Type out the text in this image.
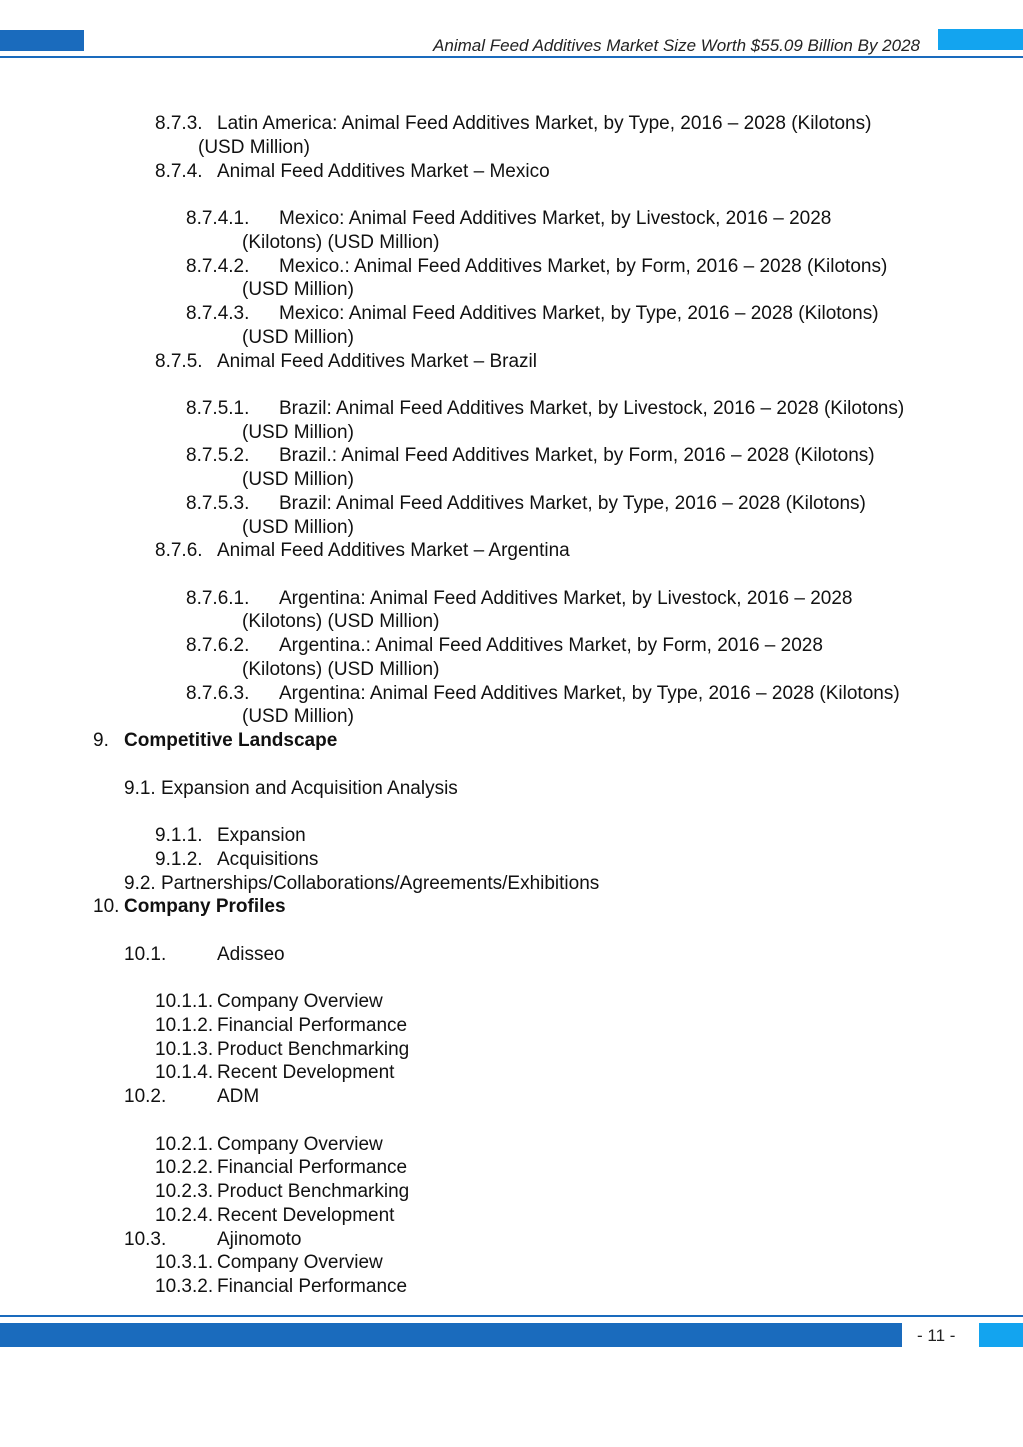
Animal Feed Additives Market Size Worth $55.09 Billion By 2028
8.7.3. Latin America: Animal Feed Additives Market, by Type, 2016 – 2028 (Kilotons)
(USD Million)
8.7.4. Animal Feed Additives Market – Mexico
8.7.4.1. Mexico: Animal Feed Additives Market, by Livestock, 2016 – 2028
(Kilotons) (USD Million)
8.7.4.2. Mexico.: Animal Feed Additives Market, by Form, 2016 – 2028 (Kilotons)
(USD Million)
8.7.4.3. Mexico: Animal Feed Additives Market, by Type, 2016 – 2028 (Kilotons)
(USD Million)
8.7.5. Animal Feed Additives Market – Brazil
8.7.5.1. Brazil: Animal Feed Additives Market, by Livestock, 2016 – 2028 (Kilotons)
(USD Million)
8.7.5.2. Brazil.: Animal Feed Additives Market, by Form, 2016 – 2028 (Kilotons)
(USD Million)
8.7.5.3. Brazil: Animal Feed Additives Market, by Type, 2016 – 2028 (Kilotons)
(USD Million)
8.7.6. Animal Feed Additives Market – Argentina
8.7.6.1. Argentina: Animal Feed Additives Market, by Livestock, 2016 – 2028
(Kilotons) (USD Million)
8.7.6.2. Argentina.: Animal Feed Additives Market, by Form, 2016 – 2028
(Kilotons) (USD Million)
8.7.6.3. Argentina: Animal Feed Additives Market, by Type, 2016 – 2028 (Kilotons)
(USD Million)
9. Competitive Landscape
9.1. Expansion and Acquisition Analysis
9.1.1. Expansion
9.1.2. Acquisitions
9.2. Partnerships/Collaborations/Agreements/Exhibitions
10. Company Profiles
10.1.	Adisseo
10.1.1. Company Overview
10.1.2. Financial Performance
10.1.3. Product Benchmarking
10.1.4. Recent Development
10.2.	ADM
10.2.1. Company Overview
10.2.2. Financial Performance
10.2.3. Product Benchmarking
10.2.4. Recent Development
10.3.	Ajinomoto
10.3.1. Company Overview
10.3.2. Financial Performance
- 11 -
